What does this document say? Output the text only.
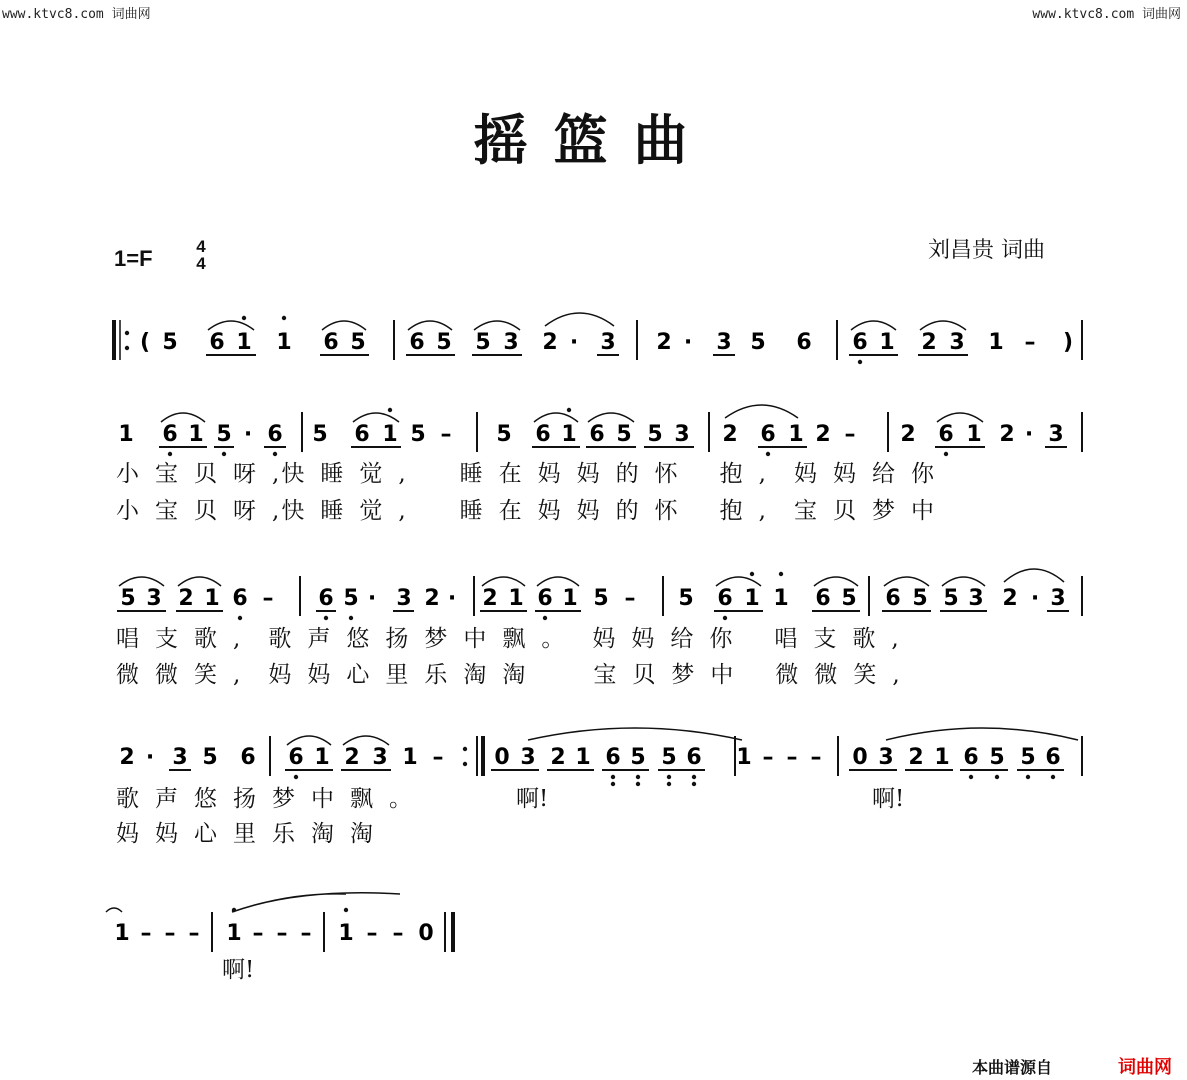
www.ktvc8.com 词曲网	www.ktvc8.com 词曲网
摇篮曲
1=F	4
4
刘昌贵 词曲
( 5 6 1 1 6 5 6 5 5 3 2 · 3 2 · 3 5 6 6 1 2 3 1 – )
1 6 1 5 · 6 5 6 1 5 – 5 6 1 6 5 5 3 2 6 1 2 – 2 6 1 2 · 3
5 3 2 1 6 – 6 5 · 3 2 · 2 1 6 1 5 – 5 6 1 1 6 5 6 5 5 3 2 · 3
2 · 3 5 6 6 1 2 3 1 – 0 3 2 1 6 5 5 6 1 – – – 0 3 2 1 6 5 5 6
1 – – – 1 – – – 1 – – 0
小 宝 贝 呀 ,快 睡 觉 , 睡 在 妈 妈 的 怀 抱 , 妈 妈 给 你
小 宝 贝 呀 ,快 睡 觉 , 睡 在 妈 妈 的 怀 抱 , 宝 贝 梦 中
唱 支 歌 , 歌 声 悠 扬 梦 中 飘 。 妈 妈 给 你 唱 支 歌 ,
微 微 笑 , 妈 妈 心 里 乐 淘 淘	宝 贝 梦 中 微 微 笑 ,
歌 声 悠 扬 梦 中 飘 。	啊!	啊!
妈 妈 心 里 乐 淘 淘
啊!
本曲谱源自	词曲网
